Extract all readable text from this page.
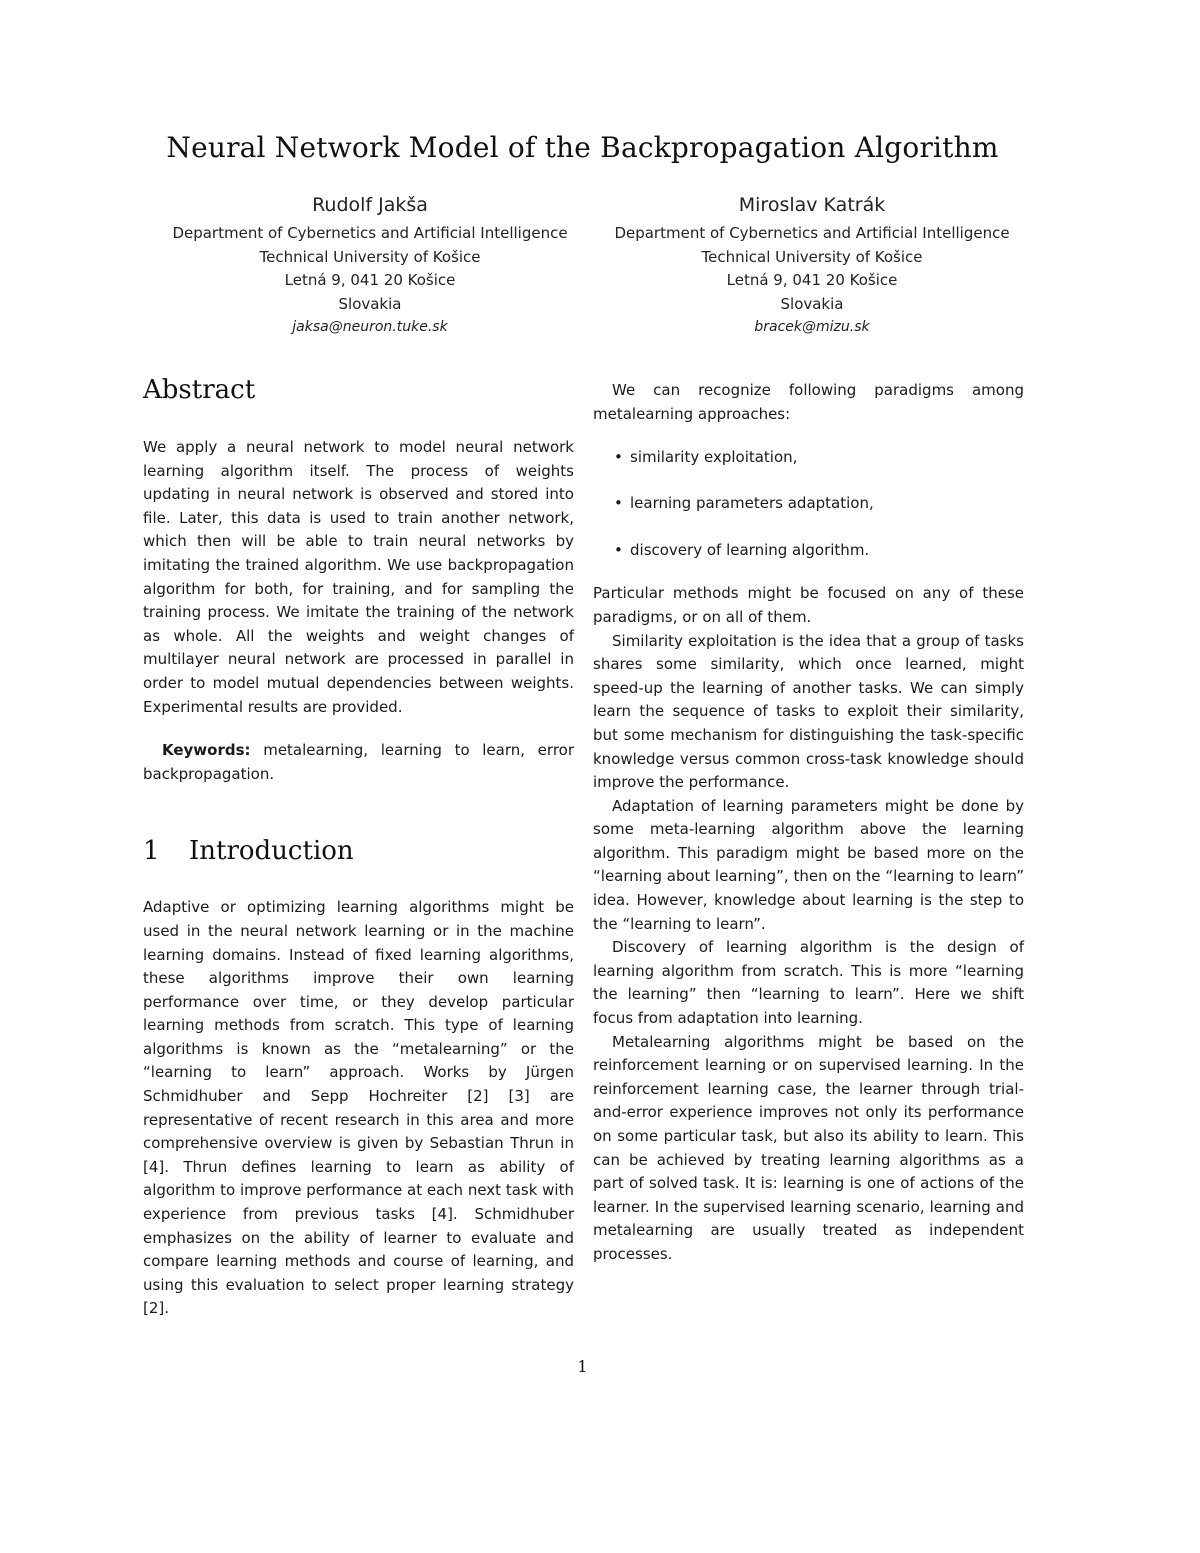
Neural Network Model of the Backpropagation Algorithm
Rudolf Jakša
Department of Cybernetics and Artificial Intelligence
Technical University of Košice
Letná 9, 041 20 Košice
Slovakia
jaksa@neuron.tuke.sk
Miroslav Katrák
Department of Cybernetics and Artificial Intelligence
Technical University of Košice
Letná 9, 041 20 Košice
Slovakia
bracek@mizu.sk
Abstract

We apply a neural network to model neural network learning algorithm itself. The process of weights updating in neural network is observed and stored into file. Later, this data is used to train another network, which then will be able to train neural networks by imitating the trained algorithm. We use backpropagation algorithm for both, for training, and for sampling the training process. We imitate the training of the network as whole. All the weights and weight changes of multilayer neural network are processed in parallel in order to model mutual dependencies between weights. Experimental results are provided.

Keywords: metalearning, learning to learn, error backpropagation.

1 Introduction

Adaptive or optimizing learning algorithms might be used in the neural network learning or in the machine learning domains. Instead of fixed learning algorithms, these algorithms improve their own learning performance over time, or they develop particular learning methods from scratch. This type of learning algorithms is known as the “metalearning” or the “learning to learn” approach. Works by Jürgen Schmidhuber and Sepp Hochreiter [2] [3] are representative of recent research in this area and more comprehensive overview is given by Sebastian Thrun in [4]. Thrun defines learning to learn as ability of algorithm to improve performance at each next task with experience from previous tasks [4]. Schmidhuber emphasizes on the ability of learner to evaluate and compare learning methods and course of learning, and using this evaluation to select proper learning strategy [2].

We can recognize following paradigms among metalearning approaches:

• similarity exploitation,
• learning parameters adaptation,
• discovery of learning algorithm.

Particular methods might be focused on any of these paradigms, or on all of them.

Similarity exploitation is the idea that a group of tasks shares some similarity, which once learned, might speed-up the learning of another tasks. We can simply learn the sequence of tasks to exploit their similarity, but some mechanism for distinguishing the task-specific knowledge versus common cross-task knowledge should improve the performance.

Adaptation of learning parameters might be done by some meta-learning algorithm above the learning algorithm. This paradigm might be based more on the “learning about learning”, then on the “learning to learn” idea. However, knowledge about learning is the step to the “learning to learn”.

Discovery of learning algorithm is the design of learning algorithm from scratch. This is more “learning the learning” then “learning to learn”. Here we shift focus from adaptation into learning.

Metalearning algorithms might be based on the reinforcement learning or on supervised learning. In the reinforcement learning case, the learner through trial-and-error experience improves not only its performance on some particular task, but also its ability to learn. This can be achieved by treating learning algorithms as a part of solved task. It is: learning is one of actions of the learner. In the supervised learning scenario, learning and metalearning are usually treated as independent processes.

1
